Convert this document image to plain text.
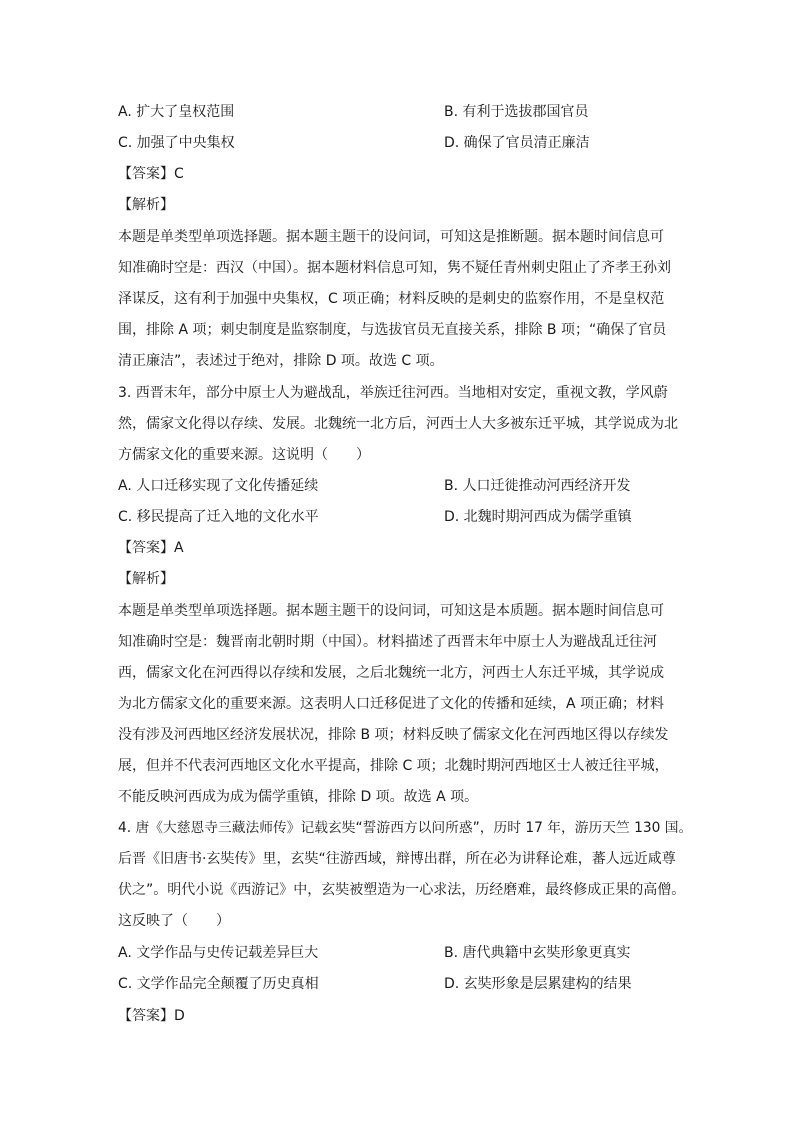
A. 扩大了皇权范围	B. 有利于选拔郡国官员
C. 加强了中央集权	D. 确保了官员清正廉洁
【答案】C
【解析】
本题是单类型单项选择题。据本题主题干的设问词，可知这是推断题。据本题时间信息可
知准确时空是：西汉（中国）。据本题材料信息可知，隽不疑任青州刺史阻止了齐孝王孙刘
泽谋反，这有利于加强中央集权，C 项正确；材料反映的是刺史的监察作用，不是皇权范
围，排除 A 项；刺史制度是监察制度，与选拔官员无直接关系，排除 B 项；“确保了官员
清正廉洁”，表述过于绝对，排除 D 项。故选 C 项。
3. 西晋末年，部分中原士人为避战乱，举族迁往河西。当地相对安定，重视文教，学风蔚
然，儒家文化得以存续、发展。北魏统一北方后，河西士人大多被东迁平城，其学说成为北
方儒家文化的重要来源。这说明（　　）
A. 人口迁移实现了文化传播延续	B. 人口迁徙推动河西经济开发
C. 移民提高了迁入地的文化水平	D. 北魏时期河西成为儒学重镇
【答案】A
【解析】
本题是单类型单项选择题。据本题主题干的设问词，可知这是本质题。据本题时间信息可
知准确时空是：魏晋南北朝时期（中国）。材料描述了西晋末年中原士人为避战乱迁往河
西，儒家文化在河西得以存续和发展，之后北魏统一北方，河西士人东迁平城，其学说成
为北方儒家文化的重要来源。这表明人口迁移促进了文化的传播和延续，A 项正确；材料
没有涉及河西地区经济发展状况，排除 B 项；材料反映了儒家文化在河西地区得以存续发
展，但并不代表河西地区文化水平提高，排除 C 项；北魏时期河西地区士人被迁往平城，
不能反映河西成为成为儒学重镇，排除 D 项。故选 A 项。
4. 唐《大慈恩寺三藏法师传》记载玄奘“誓游西方以问所惑”，历时 17 年，游历天竺 130 国。
后晋《旧唐书·玄奘传》里，玄奘“往游西域，辩博出群，所在必为讲释论难，蕃人远近咸尊
伏之”。明代小说《西游记》中，玄奘被塑造为一心求法，历经磨难，最终修成正果的高僧。
这反映了（　　）
A. 文学作品与史传记载差异巨大	B. 唐代典籍中玄奘形象更真实
C. 文学作品完全颠覆了历史真相	D. 玄奘形象是层累建构的结果
【答案】D
